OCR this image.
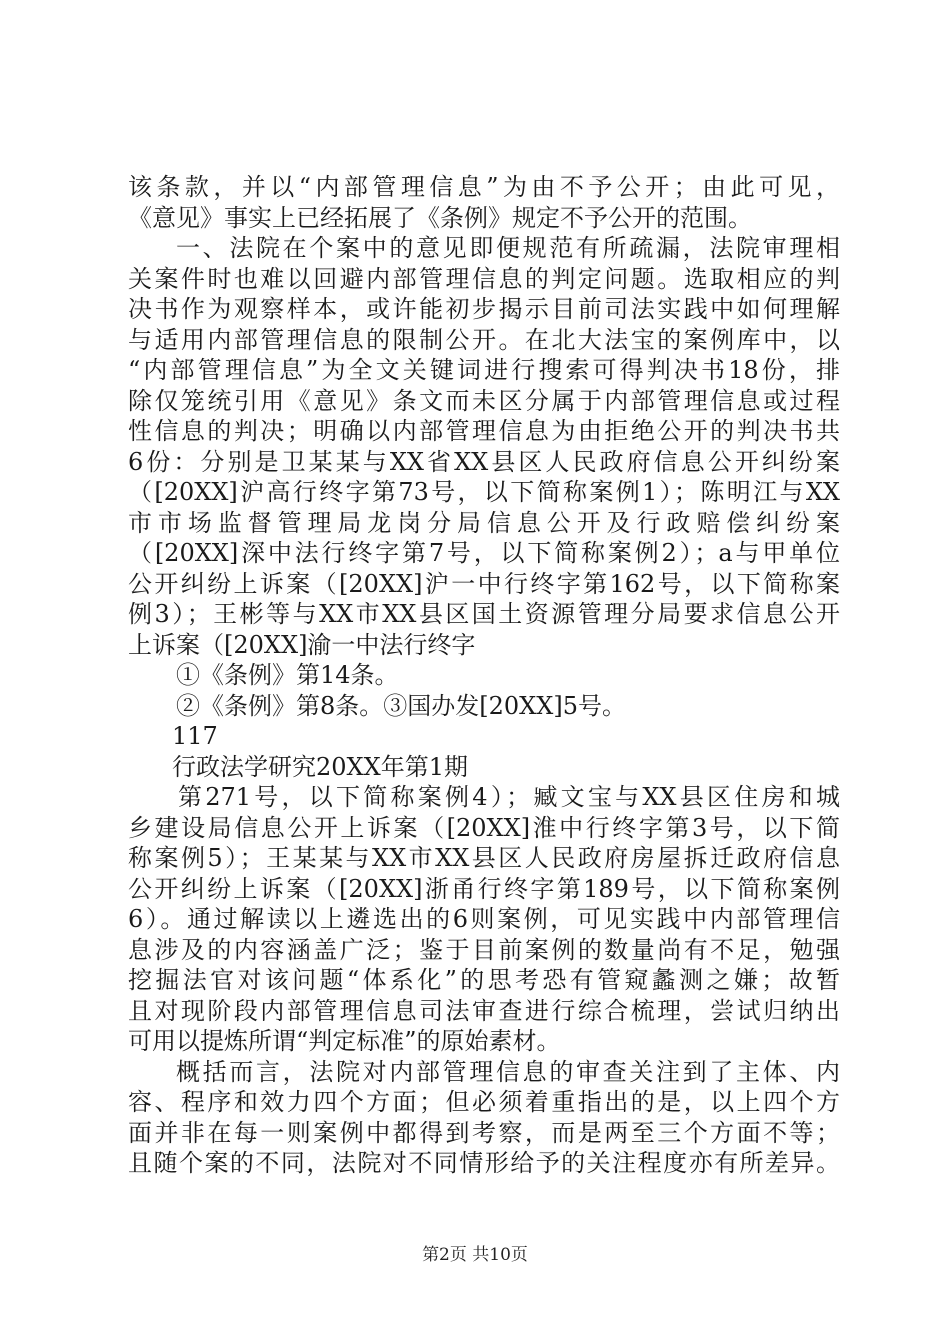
该条款，并以“内部管理信息”为由不予公开；由此可见，
《意见》事实上已经拓展了《条例》规定不予公开的范围。
一、法院在个案中的意见即便规范有所疏漏，法院审理相
关案件时也难以回避内部管理信息的判定问题。选取相应的判
决书作为观察样本，或许能初步揭示目前司法实践中如何理解
与适用内部管理信息的限制公开。在北大法宝的案例库中，以
“内部管理信息”为全文关键词进行搜索可得判决书18份，排
除仅笼统引用《意见》条文而未区分属于内部管理信息或过程
性信息的判决；明确以内部管理信息为由拒绝公开的判决书共
6份：分别是卫某某与XX省XX县区人民政府信息公开纠纷案
（[20XX]沪高行终字第73号，以下简称案例1）；陈明江与XX
市市场监督管理局龙岗分局信息公开及行政赔偿纠纷案
（[20XX]深中法行终字第7号，以下简称案例2）；a与甲单位
公开纠纷上诉案（[20XX]沪一中行终字第162号，以下简称案
例3）；王彬等与XX市XX县区国土资源管理分局要求信息公开
上诉案（[20XX]渝一中法行终字
①《条例》第14条。
②《条例》第8条。③国办发[20XX]5号。
117
行政法学研究20XX年第1期
第271号，以下简称案例4）；臧文宝与XX县区住房和城
乡建设局信息公开上诉案（[20XX]淮中行终字第3号，以下简
称案例5）；王某某与XX市XX县区人民政府房屋拆迁政府信息
公开纠纷上诉案（[20XX]浙甬行终字第189号，以下简称案例
6）。通过解读以上遴选出的6则案例，可见实践中内部管理信
息涉及的内容涵盖广泛；鉴于目前案例的数量尚有不足，勉强
挖掘法官对该问题“体系化”的思考恐有管窥蠡测之嫌；故暂
且对现阶段内部管理信息司法审查进行综合梳理，尝试归纳出
可用以提炼所谓“判定标准”的原始素材。
概括而言，法院对内部管理信息的审查关注到了主体、内
容、程序和效力四个方面；但必须着重指出的是，以上四个方
面并非在每一则案例中都得到考察，而是两至三个方面不等；
且随个案的不同，法院对不同情形给予的关注程度亦有所差异。
第2页 共10页
